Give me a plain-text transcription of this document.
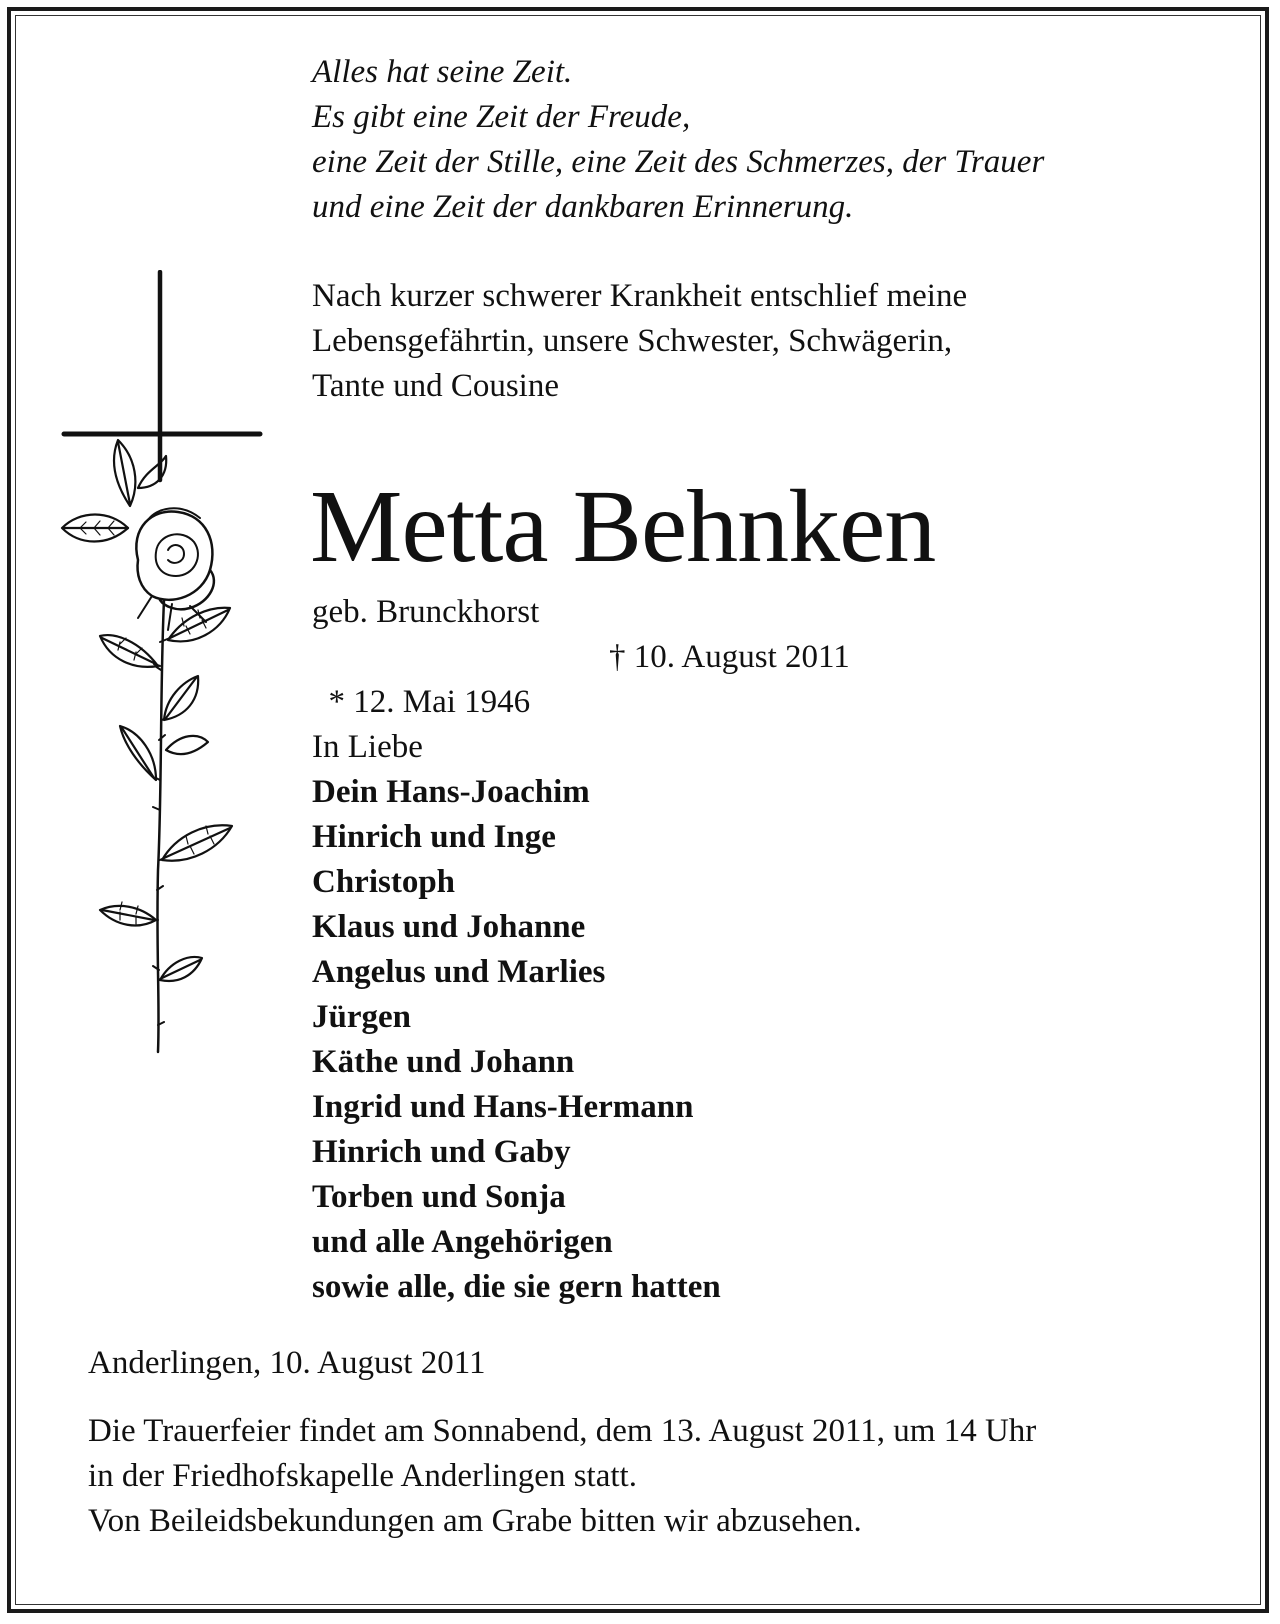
Alles hat seine Zeit.
Es gibt eine Zeit der Freude,
eine Zeit der Stille, eine Zeit des Schmerzes, der Trauer
und eine Zeit der dankbaren Erinnerung.
Nach kurzer schwerer Krankheit entschlief meine
Lebensgefährtin, unsere Schwester, Schwägerin,
Tante und Cousine
Metta Behnken
geb. Brunckhorst

* 12. Mai 1946

† 10. August 2011

In Liebe
Dein Hans-Joachim
Hinrich und Inge
Christoph
Klaus und Johanne
Angelus und Marlies
Jürgen
Käthe und Johann
Ingrid und Hans-Hermann
Hinrich und Gaby
Torben und Sonja
und alle Angehörigen
sowie alle, die sie gern hatten
Anderlingen, 10. August 2011
Die Trauerfeier findet am Sonnabend, dem 13. August 2011, um 14 Uhr
in der Friedhofskapelle Anderlingen statt.
Von Beileidsbekundungen am Grabe bitten wir abzusehen.
